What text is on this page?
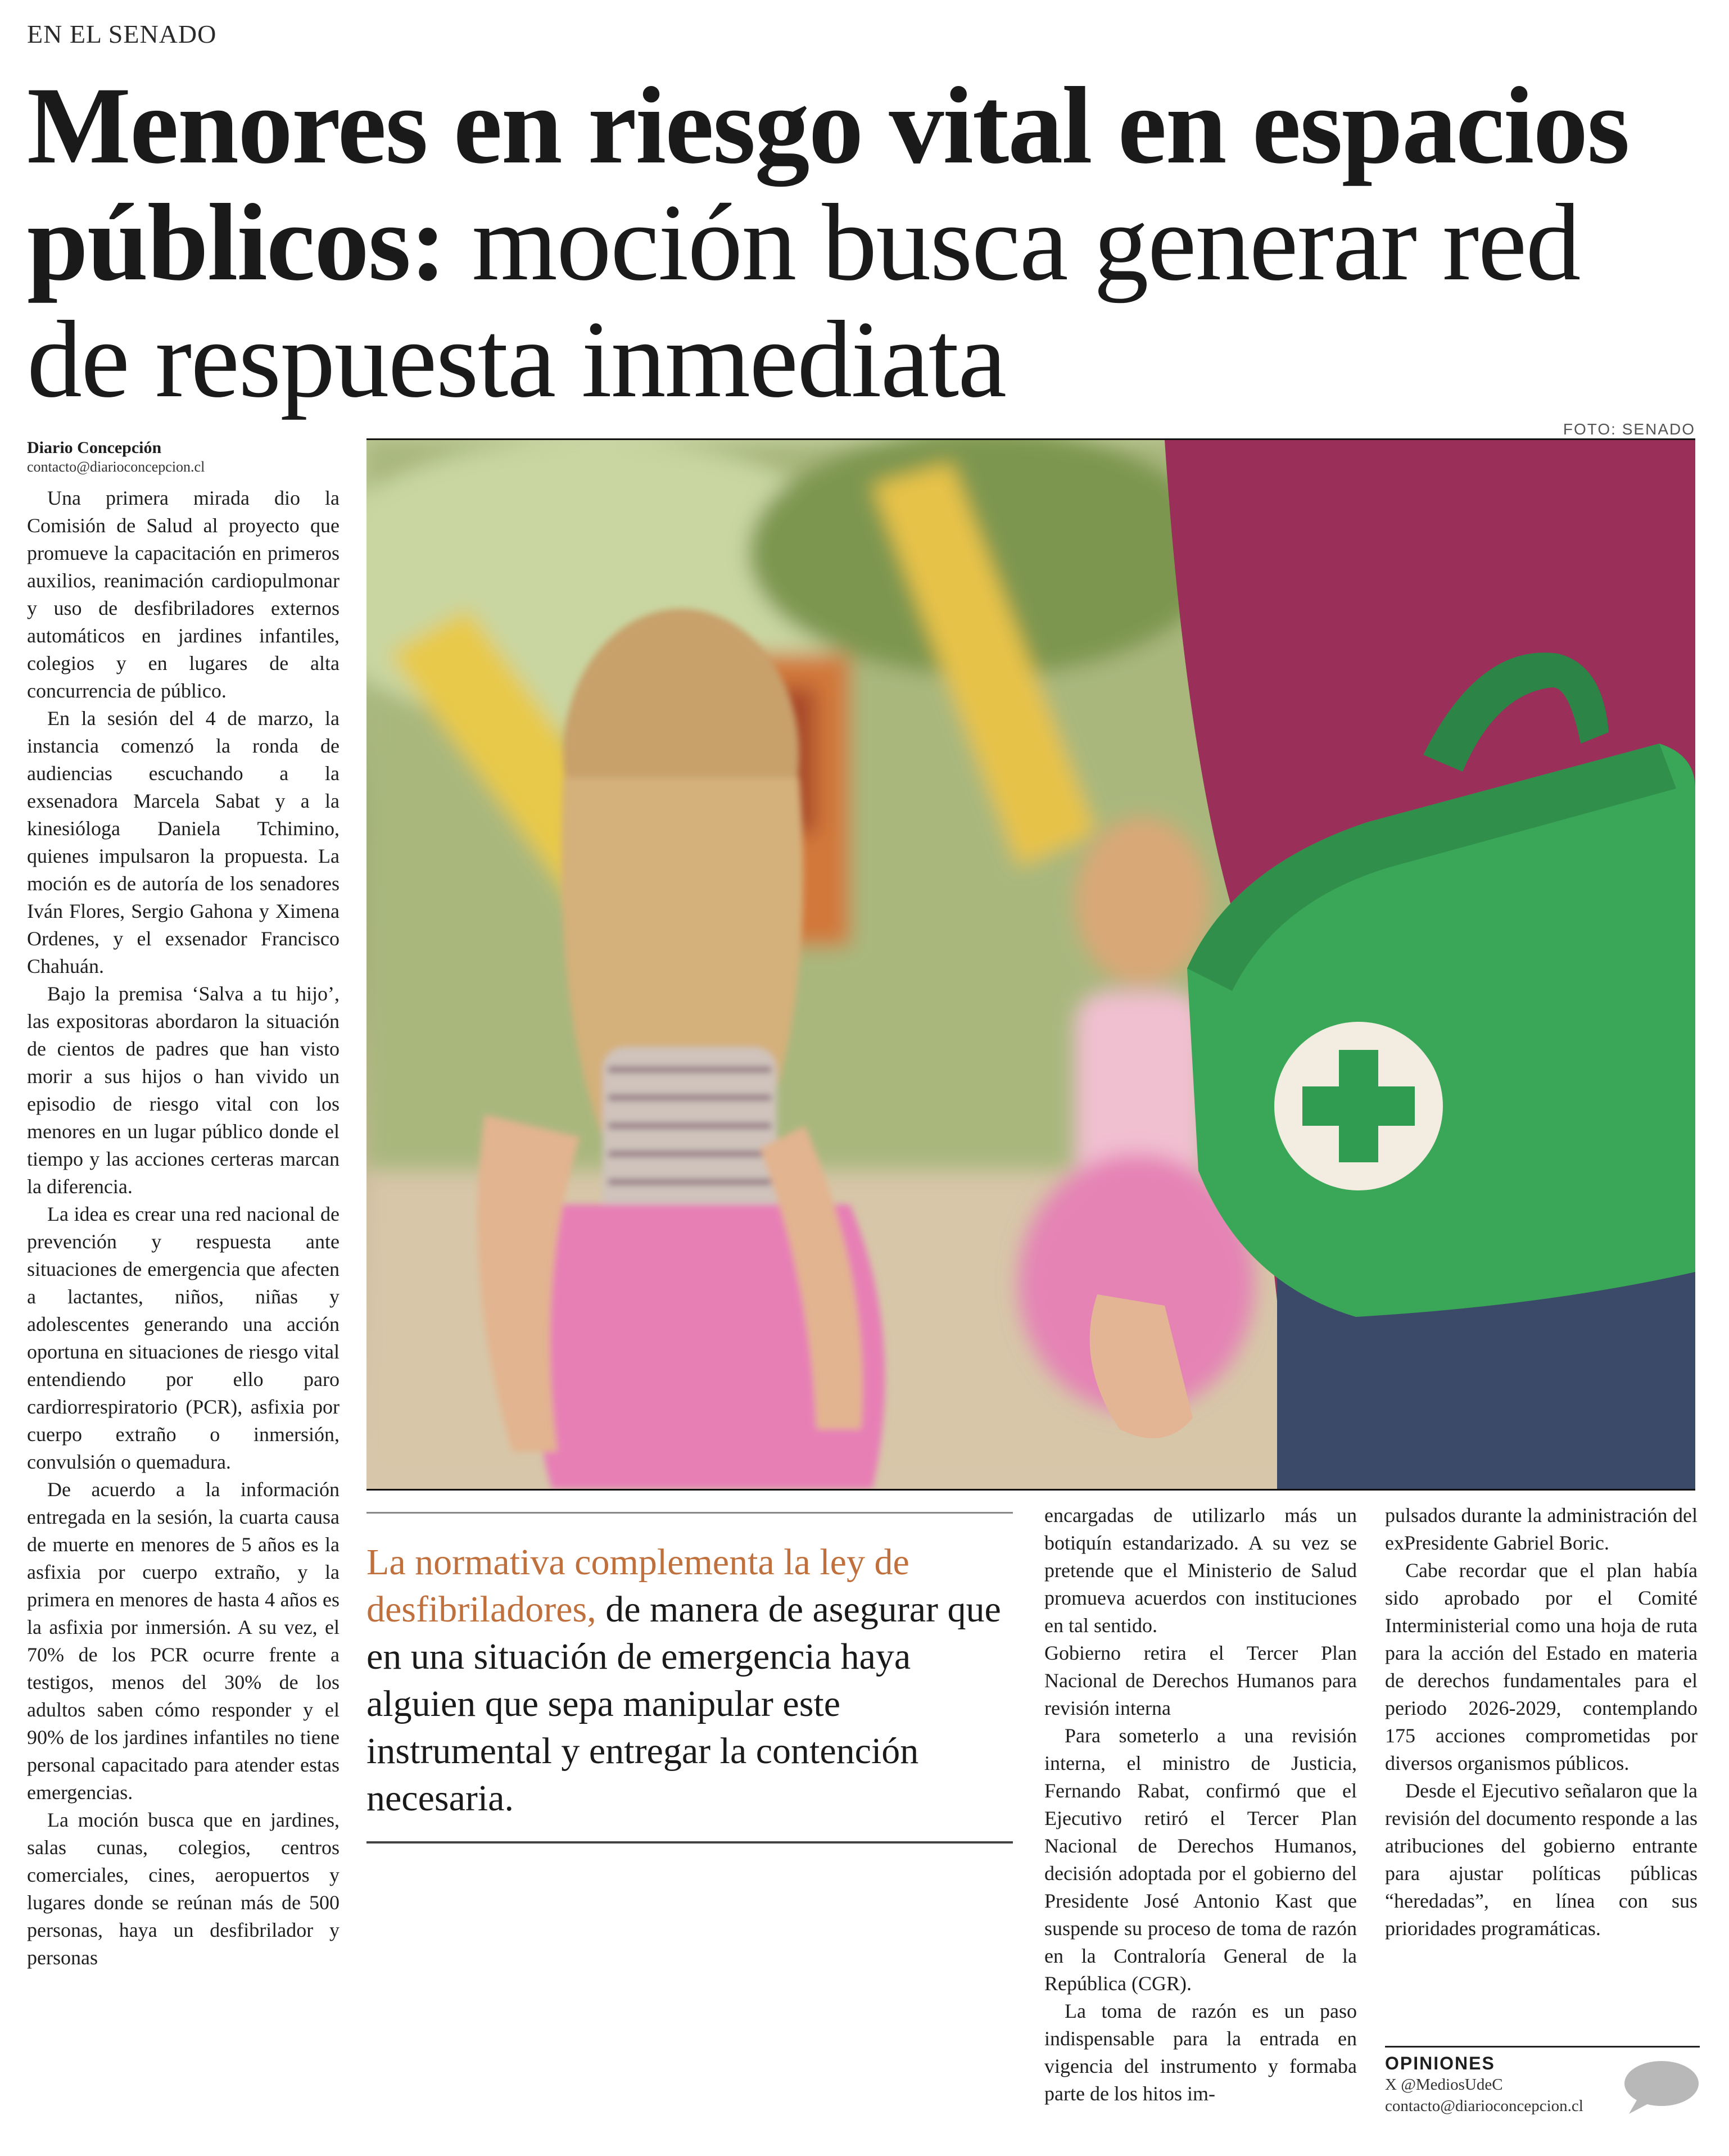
EN EL SENADO
Menores en riesgo vital en espacios públicos: moción busca generar red de respuesta inmediata
FOTO: SENADO
Diario Concepción
contacto@diarioconcepcion.cl

Una primera mirada dio la Comisión de Salud al proyecto que promueve la capacitación en primeros auxilios, reanimación cardiopulmonar y uso de desfibriladores externos automáticos en jardines infantiles, colegios y en lugares de alta concurrencia de público.

En la sesión del 4 de marzo, la instancia comenzó la ronda de audiencias escuchando a la exsenadora Marcela Sabat y a la kinesióloga Daniela Tchimino, quienes impulsaron la propuesta. La moción es de autoría de los senadores Iván Flores, Sergio Gahona y Ximena Ordenes, y el exsenador Francisco Chahuán.

Bajo la premisa ‘Salva a tu hijo’, las expositoras abordaron la situación de cientos de padres que han visto morir a sus hijos o han vivido un episodio de riesgo vital con los menores en un lugar público donde el tiempo y las acciones certeras marcan la diferencia.

La idea es crear una red nacional de prevención y respuesta ante situaciones de emergencia que afecten a lactantes, niños, niñas y adolescentes generando una acción oportuna en situaciones de riesgo vital entendiendo por ello paro cardiorrespiratorio (PCR), asfixia por cuerpo extraño o inmersión, convulsión o quemadura.

De acuerdo a la información entregada en la sesión, la cuarta causa de muerte en menores de 5 años es la asfixia por cuerpo extraño, y la primera en menores de hasta 4 años es la asfixia por inmersión. A su vez, el 70% de los PCR ocurre frente a testigos, menos del 30% de los adultos saben cómo responder y el 90% de los jardines infantiles no tiene personal capacitado para atender estas emergencias.

La moción busca que en jardines, salas cunas, colegios, centros comerciales, cines, aeropuertos y lugares donde se reúnan más de 500 personas, haya un desfibrilador y personas

La normativa complementa la ley de desfibriladores, de manera de asegurar que en una situación de emergencia haya alguien que sepa manipular este instrumental y entregar la contención necesaria.

encargadas de utilizarlo más un botiquín estandarizado. A su vez se pretende que el Ministerio de Salud promueva acuerdos con instituciones en tal sentido.

Gobierno retira el Tercer Plan Nacional de Derechos Humanos para revisión interna

Para someterlo a una revisión interna, el ministro de Justicia, Fernando Rabat, confirmó que el Ejecutivo retiró el Tercer Plan Nacional de Derechos Humanos, decisión adoptada por el gobierno del Presidente José Antonio Kast que suspende su proceso de toma de razón en la Contraloría General de la República (CGR).

La toma de razón es un paso indispensable para la entrada en vigencia del instrumento y formaba parte de los hitos im-

pulsados durante la administración del exPresidente Gabriel Boric.

Cabe recordar que el plan había sido aprobado por el Comité Interministerial como una hoja de ruta para la acción del Estado en materia de derechos fundamentales para el periodo 2026-2029, contemplando 175 acciones comprometidas por diversos organismos públicos.

Desde el Ejecutivo señalaron que la revisión del documento responde a las atribuciones del gobierno entrante para ajustar políticas públicas “heredadas”, en línea con sus prioridades programáticas.

OPINIONES
X @MediosUdeC
contacto@diarioconcepcion.cl
